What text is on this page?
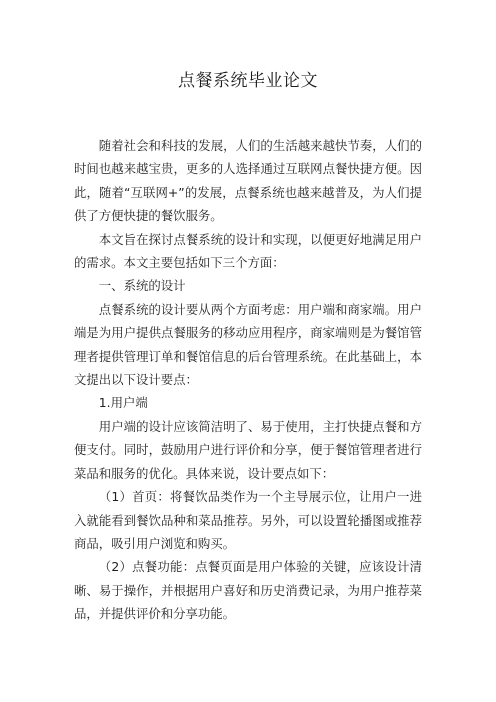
点餐系统毕业论文

随着社会和科技的发展，人们的生活越来越快节奏，人们的时间也越来越宝贵，更多的人选择通过互联网点餐快捷方便。因此，随着“互联网+”的发展，点餐系统也越来越普及，为人们提供了方便快捷的餐饮服务。

本文旨在探讨点餐系统的设计和实现，以便更好地满足用户的需求。本文主要包括如下三个方面：

一、系统的设计

点餐系统的设计要从两个方面考虑：用户端和商家端。用户端是为用户提供点餐服务的移动应用程序，商家端则是为餐馆管理者提供管理订单和餐馆信息的后台管理系统。在此基础上，本文提出以下设计要点：

1.用户端

用户端的设计应该简洁明了、易于使用，主打快捷点餐和方便支付。同时，鼓励用户进行评价和分享，便于餐馆管理者进行菜品和服务的优化。具体来说，设计要点如下：

（1）首页：将餐饮品类作为一个主导展示位，让用户一进入就能看到餐饮品种和菜品推荐。另外，可以设置轮播图或推荐商品，吸引用户浏览和购买。

（2）点餐功能：点餐页面是用户体验的关键，应该设计清晰、易于操作，并根据用户喜好和历史消费记录，为用户推荐菜品，并提供评价和分享功能。
